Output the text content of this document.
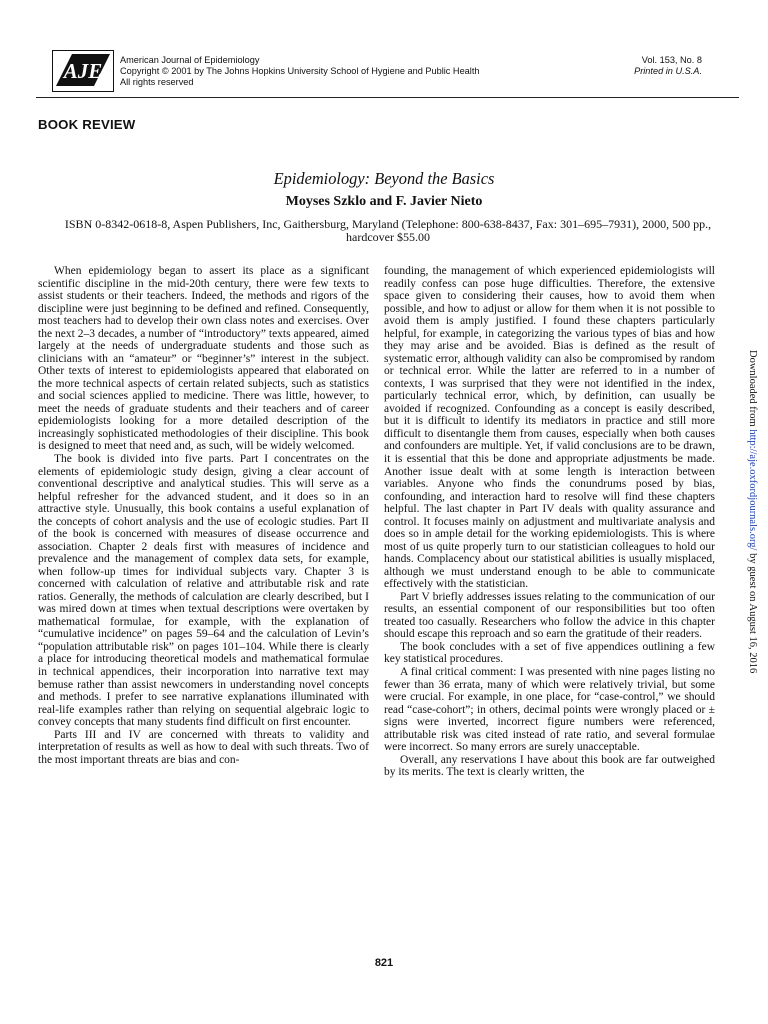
AJE American Journal of Epidemiology
Copyright © 2001 by The Johns Hopkins University School of Hygiene and Public Health
All rights reserved
Vol. 153, No. 8
Printed in U.S.A.
BOOK REVIEW
Epidemiology: Beyond the Basics
Moyses Szklo and F. Javier Nieto
ISBN 0-8342-0618-8, Aspen Publishers, Inc, Gaithersburg, Maryland (Telephone: 800-638-8437, Fax: 301–695–7931), 2000, 500 pp., hardcover $55.00

When epidemiology began to assert its place as a significant scientific discipline in the mid-20th century, there were few texts to assist students or their teachers. Indeed, the methods and rigors of the discipline were just beginning to be defined and refined. Consequently, most teachers had to develop their own class notes and exercises. Over the next 2–3 decades, a number of “introductory” texts appeared, aimed largely at the needs of undergraduate students and those such as clinicians with an “amateur” or “beginner’s” interest in the subject. Other texts of interest to epidemiologists appeared that elaborated on the more technical aspects of certain related subjects, such as statistics and social sciences applied to medicine. There was little, however, to meet the needs of graduate students and their teachers and of career epidemiologists looking for a more detailed description of the increasingly sophisticated methodologies of their discipline. This book is designed to meet that need and, as such, will be widely welcomed.

The book is divided into five parts. Part I concentrates on the elements of epidemiologic study design, giving a clear account of conventional descriptive and analytical studies. This will serve as a helpful refresher for the advanced student, and it does so in an attractive style. Unusually, this book contains a useful explanation of the concepts of cohort analysis and the use of ecologic studies. Part II of the book is concerned with measures of disease occurrence and association. Chapter 2 deals first with measures of incidence and prevalence and the management of complex data sets, for example, when follow-up times for individual subjects vary. Chapter 3 is concerned with calculation of relative and attributable risk and rate ratios. Generally, the methods of calculation are clearly described, but I was mired down at times when textual descriptions were overtaken by mathematical formulae, for example, with the explanation of “cumulative incidence” on pages 59–64 and the calculation of Levin’s “population attributable risk” on pages 101–104. While there is clearly a place for introducing theoretical models and mathematical formulae in technical appendices, their incorporation into narrative text may bemuse rather than assist newcomers in understanding novel concepts and methods. I prefer to see narrative explanations illuminated with real-life examples rather than relying on sequential algebraic logic to convey concepts that many students find difficult on first encounter.

Parts III and IV are concerned with threats to validity and interpretation of results as well as how to deal with such threats. Two of the most important threats are bias and con-

founding, the management of which experienced epidemiologists will readily confess can pose huge difficulties. Therefore, the extensive space given to considering their causes, how to avoid them when possible, and how to adjust or allow for them when it is not possible to avoid them is amply justified. I found these chapters particularly helpful, for example, in categorizing the various types of bias and how they may arise and be avoided. Bias is defined as the result of systematic error, although validity can also be compromised by random or technical error. While the latter are referred to in a number of contexts, I was surprised that they were not identified in the index, particularly technical error, which, by definition, can usually be avoided if recognized. Confounding as a concept is easily described, but it is difficult to identify its mediators in practice and still more difficult to disentangle them from causes, especially when both causes and confounders are multiple. Yet, if valid conclusions are to be drawn, it is essential that this be done and appropriate adjustments be made. Another issue dealt with at some length is interaction between variables. Anyone who finds the conundrums posed by bias, confounding, and interaction hard to resolve will find these chapters helpful. The last chapter in Part IV deals with quality assurance and control. It focuses mainly on adjustment and multivariate analysis and does so in ample detail for the working epidemiologists. This is where most of us quite properly turn to our statistician colleagues to hold our hands. Complacency about our statistical abilities is usually misplaced, although we must understand enough to be able to communicate effectively with the statistician.

Part V briefly addresses issues relating to the communication of our results, an essential component of our responsibilities but too often treated too casually. Researchers who follow the advice in this chapter should escape this reproach and so earn the gratitude of their readers.

The book concludes with a set of five appendices outlining a few key statistical procedures.

A final critical comment: I was presented with nine pages listing no fewer than 36 errata, many of which were relatively trivial, but some were crucial. For example, in one place, for “case-control,” we should read “case-cohort”; in others, decimal points were wrongly placed or ± signs were inverted, incorrect figure numbers were referenced, attributable risk was cited instead of rate ratio, and several formulae were incorrect. So many errors are surely unacceptable.

Overall, any reservations I have about this book are far outweighed by its merits. The text is clearly written, the

821
Downloaded from http://aje.oxfordjournals.org/ by guest on August 16, 2016
